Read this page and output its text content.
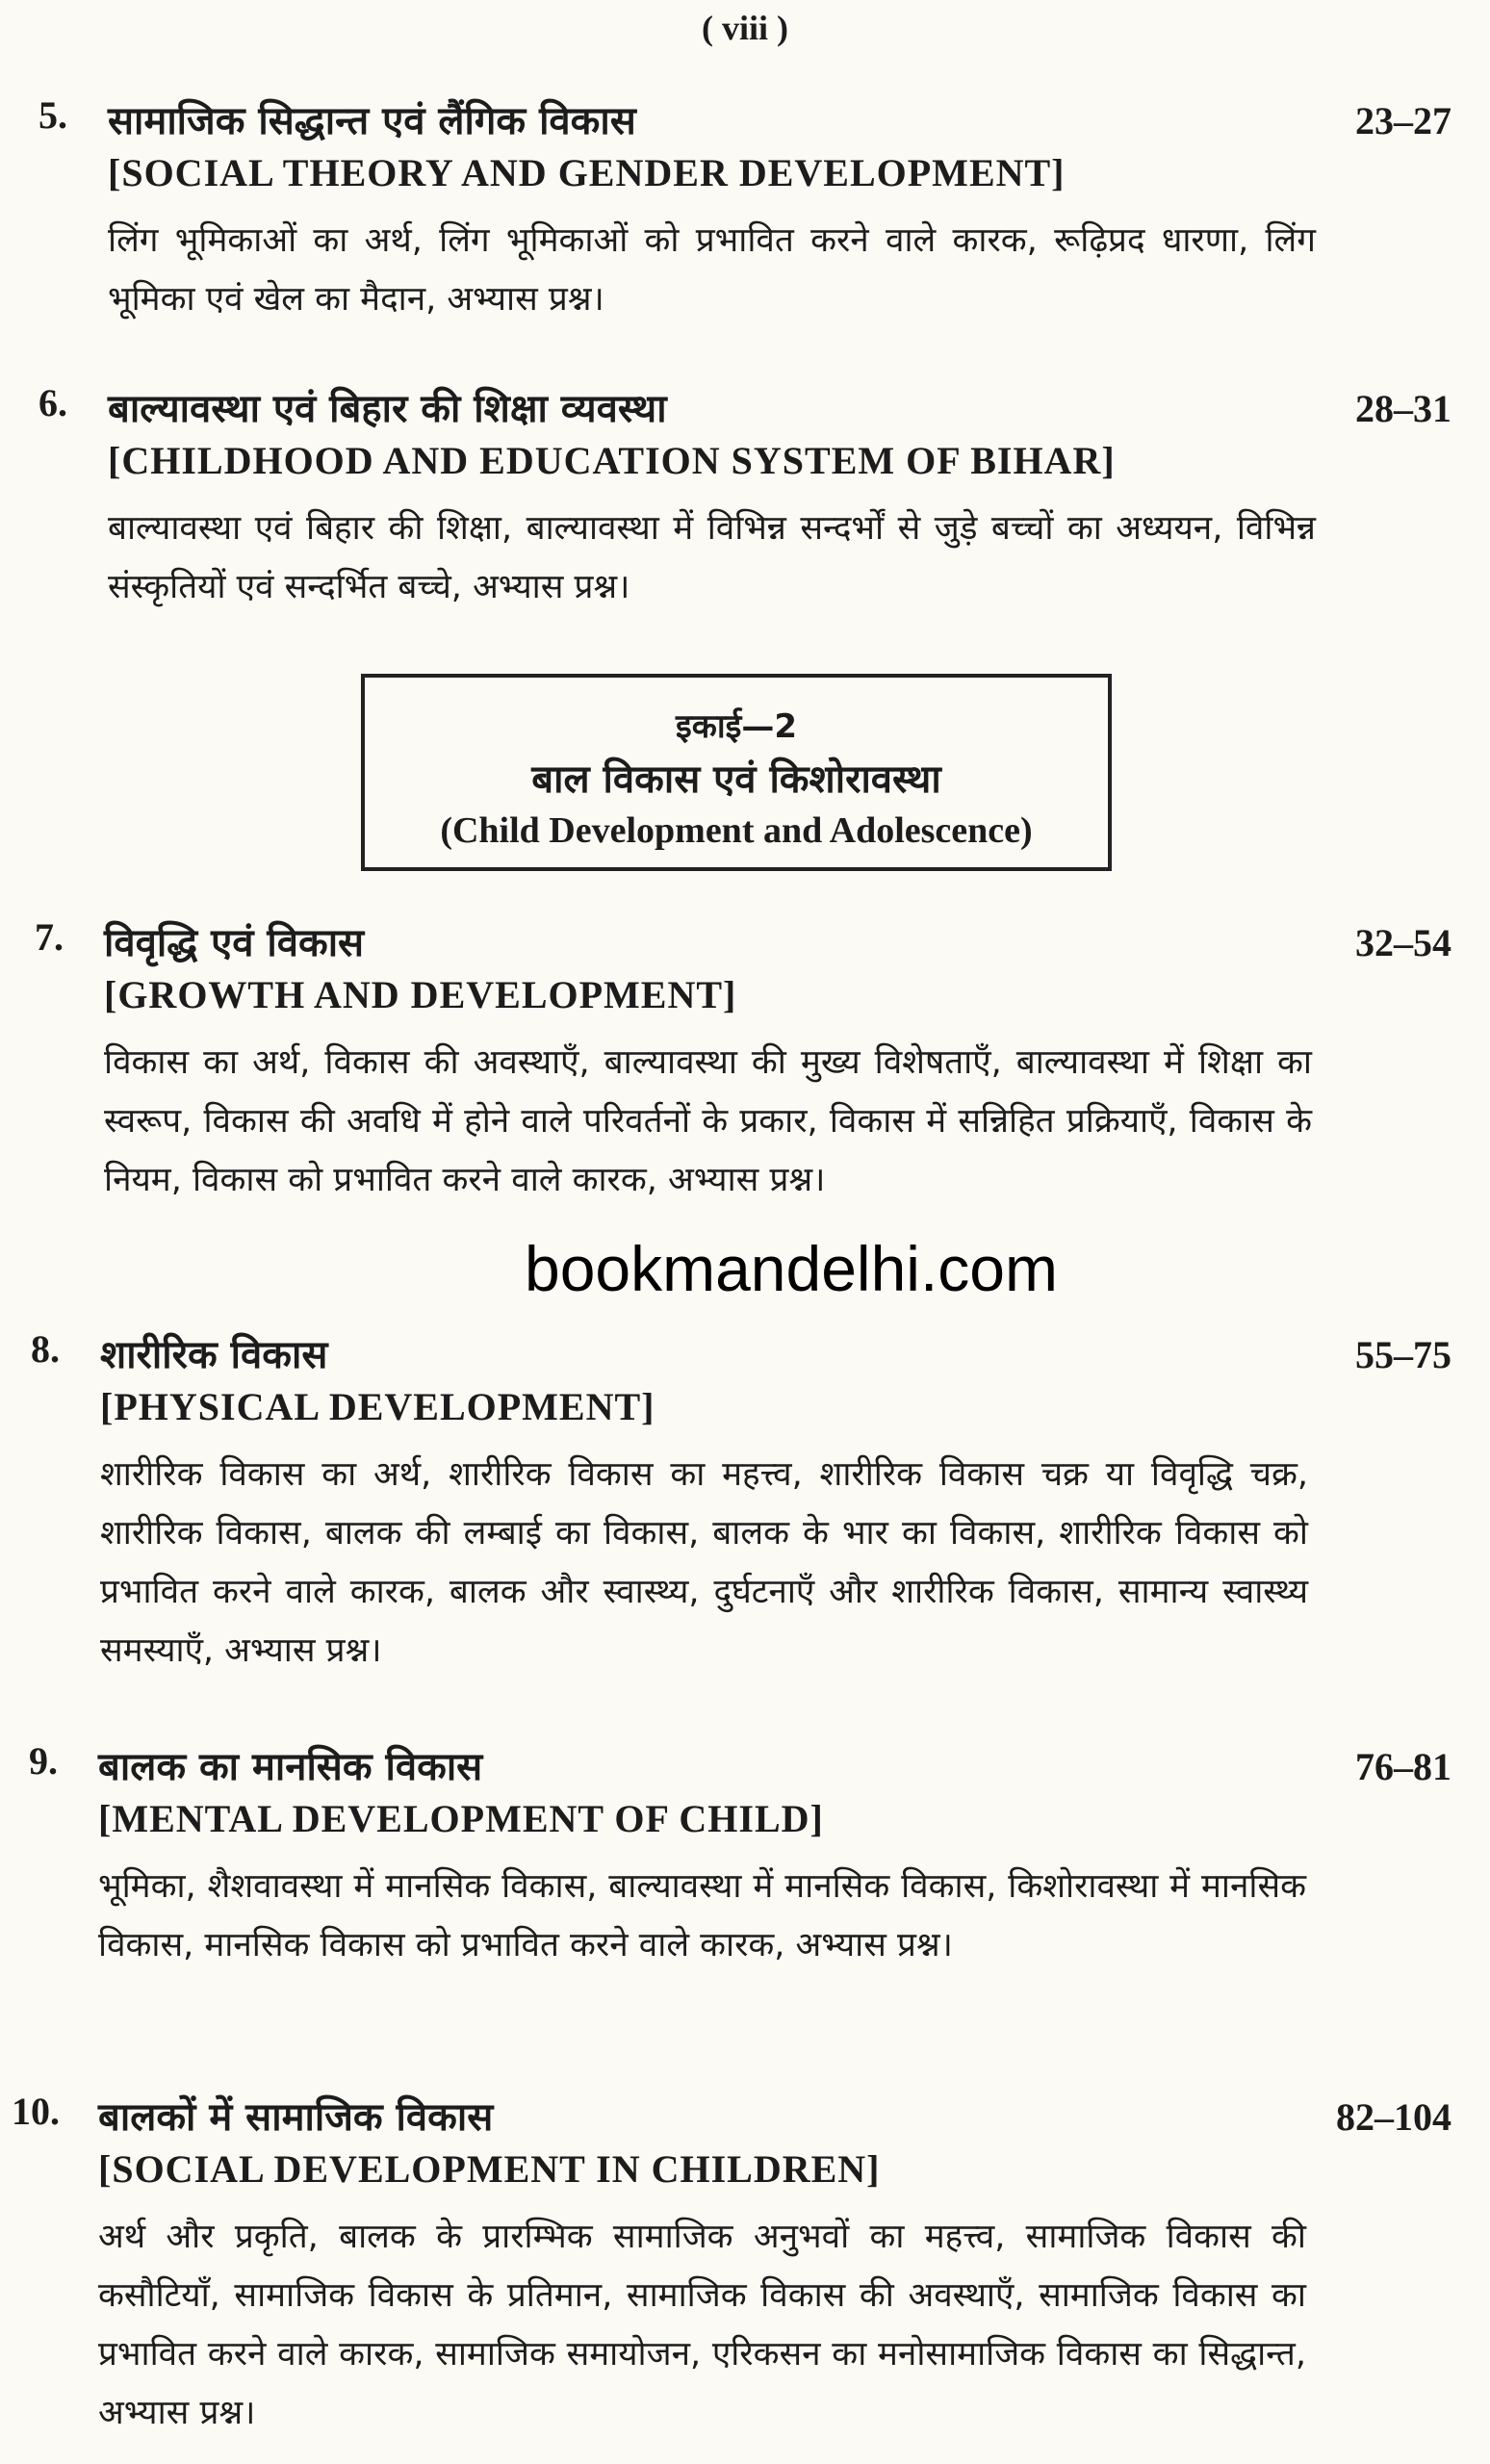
( viii )
5. सामाजिक सिद्धान्त एवं लैंगिक विकास	23–27
[SOCIAL THEORY AND GENDER DEVELOPMENT]
लिंग भूमिकाओं का अर्थ, लिंग भूमिकाओं को प्रभावित करने वाले कारक, रूढ़िप्रद धारणा, लिंग भूमिका एवं खेल का मैदान, अभ्यास प्रश्न।
6. बाल्यावस्था एवं बिहार की शिक्षा व्यवस्था	28–31
[CHILDHOOD AND EDUCATION SYSTEM OF BIHAR]
बाल्यावस्था एवं बिहार की शिक्षा, बाल्यावस्था में विभिन्न सन्दर्भों से जुड़े बच्चों का अध्ययन, विभिन्न संस्कृतियों एवं सन्दर्भित बच्चे, अभ्यास प्रश्न।
इकाई—2
बाल विकास एवं किशोरावस्था
(Child Development and Adolescence)
7. विवृद्धि एवं विकास	32–54
[GROWTH AND DEVELOPMENT]
विकास का अर्थ, विकास की अवस्थाएँ, बाल्यावस्था की मुख्य विशेषताएँ, बाल्यावस्था में शिक्षा का स्वरूप, विकास की अवधि में होने वाले परिवर्तनों के प्रकार, विकास में सन्निहित प्रक्रियाएँ, विकास के नियम, विकास को प्रभावित करने वाले कारक, अभ्यास प्रश्न।
8. शारीरिक विकास	55–75
[PHYSICAL DEVELOPMENT]
शारीरिक विकास का अर्थ, शारीरिक विकास का महत्त्व, शारीरिक विकास चक्र या विवृद्धि चक्र, शारीरिक विकास, बालक की लम्बाई का विकास, बालक के भार का विकास, शारीरिक विकास को प्रभावित करने वाले कारक, बालक और स्वास्थ्य, दुर्घटनाएँ और शारीरिक विकास, सामान्य स्वास्थ्य समस्याएँ, अभ्यास प्रश्न।
9. बालक का मानसिक विकास	76–81
[MENTAL DEVELOPMENT OF CHILD]
भूमिका, शैशवावस्था में मानसिक विकास, बाल्यावस्था में मानसिक विकास, किशोरावस्था में मानसिक विकास, मानसिक विकास को प्रभावित करने वाले कारक, अभ्यास प्रश्न।
10. बालकों में सामाजिक विकास	82–104
[SOCIAL DEVELOPMENT IN CHILDREN]
अर्थ और प्रकृति, बालक के प्रारम्भिक सामाजिक अनुभवों का महत्त्व, सामाजिक विकास की कसौटियाँ, सामाजिक विकास के प्रतिमान, सामाजिक विकास की अवस्थाएँ, सामाजिक विकास का प्रभावित करने वाले कारक, सामाजिक समायोजन, एरिकसन का मनोसामाजिक विकास का सिद्धान्त, अभ्यास प्रश्न।
bookmandelhi.com
